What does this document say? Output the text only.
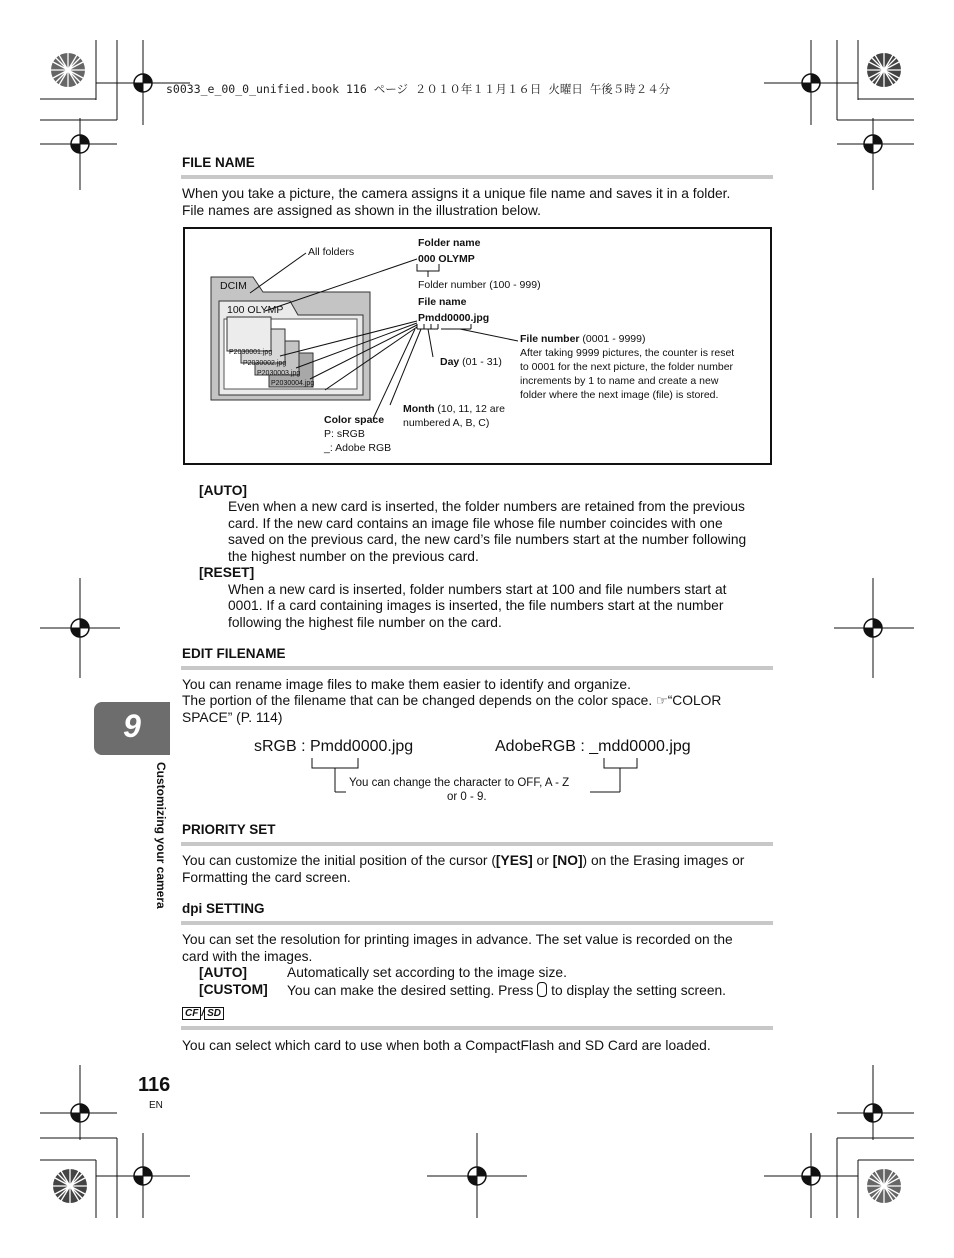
s0033_e_00_0_unified.book 116 ページ ２０１０年１１月１６日 火曜日 午後５時２４分
FILE NAME
When you take a picture, the camera assigns it a unique file name and saves it in a folder.
File names are assigned as shown in the illustration below.
All folders
Folder name
000 OLYMP
Folder number (100 - 999)
File name
Pmdd0000.jpg
File number (0001 - 9999)
After taking 9999 pictures, the counter is reset
to 0001 for the next picture, the folder number
increments by 1 to name and create a new
folder where the next image (file) is stored.
Day (01 - 31)
Month (10, 11, 12 are
numbered A, B, C)
Color space
P: sRGB
_: Adobe RGB
DCIM
100 OLYMP
P2030001.jpg
P2030002.jpg
P2030003.jpg
P2030004.jpg
[AUTO]
Even when a new card is inserted, the folder numbers are retained from the previous
card. If the new card contains an image file whose file number coincides with one
saved on the previous card, the new card’s file numbers start at the number following
the highest number on the previous card.
[RESET]
When a new card is inserted, folder numbers start at 100 and file numbers start at
0001. If a card containing images is inserted, the file numbers start at the number
following the highest file number on the card.
EDIT FILENAME
You can rename image files to make them easier to identify and organize.
The portion of the filename that can be changed depends on the color space. ☞“COLOR
SPACE” (P. 114)
sRGB : Pmdd0000.jpg	AdobeRGB : _mdd0000.jpg
You can change the character to OFF, A - Z
or 0 - 9.
PRIORITY SET
You can customize the initial position of the cursor ([YES] or [NO]) on the Erasing images or
Formatting the card screen.
dpi SETTING
You can set the resolution for printing images in advance. The set value is recorded on the
card with the images.
[AUTO]	Automatically set according to the image size.
[CUSTOM] You can make the desired setting. Press to display the setting screen.
CF / SD
You can select which card to use when both a CompactFlash and SD Card are loaded.
9
Customizing your camera
116
EN
